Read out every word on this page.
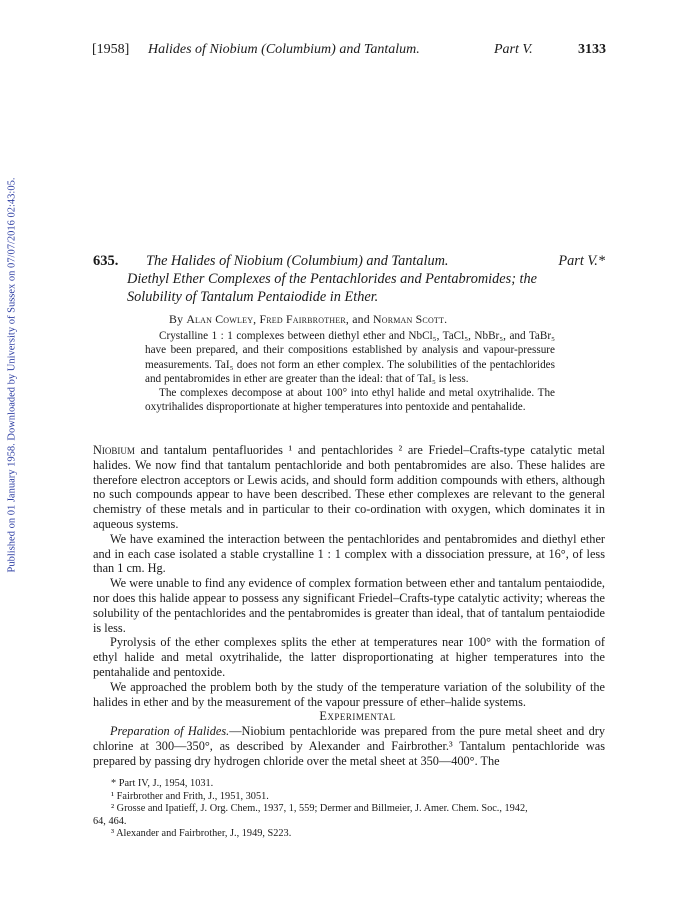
Published on 01 January 1958. Downloaded by University of Sussex on 07/07/2016 02:43:05.
[1958] Halides of Niobium (Columbium) and Tantalum.	Part V.	3133
635. The Halides of Niobium (Columbium) and Tantalum.	Part V.*
Diethyl Ether Complexes of the Pentachlorides and Pentabromides; the
Solubility of Tantalum Pentaiodide in Ether.
By Alan Cowley, Fred Fairbrother, and Norman Scott.

Crystalline 1 : 1 complexes between diethyl ether and NbCl₅, TaCl₅, NbBr₅, and TaBr₅ have been prepared, and their compositions established by analysis and vapour-pressure measurements. TaI₅ does not form an ether complex. The solubilities of the pentachlorides and pentabromides in ether are greater than the ideal: that of TaI₅ is less.

The complexes decompose at about 100° into ethyl halide and metal oxytrihalide. The oxytrihalides disproportionate at higher temperatures into pentoxide and pentahalide.

Niobium and tantalum pentafluorides ¹ and pentachlorides ² are Friedel–Crafts-type catalytic metal halides. We now find that tantalum pentachloride and both pentabromides are also. These halides are therefore electron acceptors or Lewis acids, and should form addition compounds with ethers, although no such compounds appear to have been described. These ether complexes are relevant to the general chemistry of these metals and in particular to their co-ordination with oxygen, which dominates it in aqueous systems.

We have examined the interaction between the pentachlorides and pentabromides and diethyl ether and in each case isolated a stable crystalline 1 : 1 complex with a dissociation pressure, at 16°, of less than 1 cm. Hg.

We were unable to find any evidence of complex formation between ether and tantalum pentaiodide, nor does this halide appear to possess any significant Friedel–Crafts-type catalytic activity; whereas the solubility of the pentachlorides and the pentabromides is greater than ideal, that of tantalum pentaiodide is less.

Pyrolysis of the ether complexes splits the ether at temperatures near 100° with the formation of ethyl halide and metal oxytrihalide, the latter disproportionating at higher temperatures into the pentahalide and pentoxide.

We approached the problem both by the study of the temperature variation of the solubility of the halides in ether and by the measurement of the vapour pressure of ether–halide systems.

Experimental

Preparation of Halides.—Niobium pentachloride was prepared from the pure metal sheet and dry chlorine at 300—350°, as described by Alexander and Fairbrother.³ Tantalum pentachloride was prepared by passing dry hydrogen chloride over the metal sheet at 350—400°. The

* Part IV, J., 1954, 1031.
¹ Fairbrother and Frith, J., 1951, 3051.
² Grosse and Ipatieff, J. Org. Chem., 1937, 1, 559; Dermer and Billmeier, J. Amer. Chem. Soc., 1942,
64, 464.
³ Alexander and Fairbrother, J., 1949, S223.
